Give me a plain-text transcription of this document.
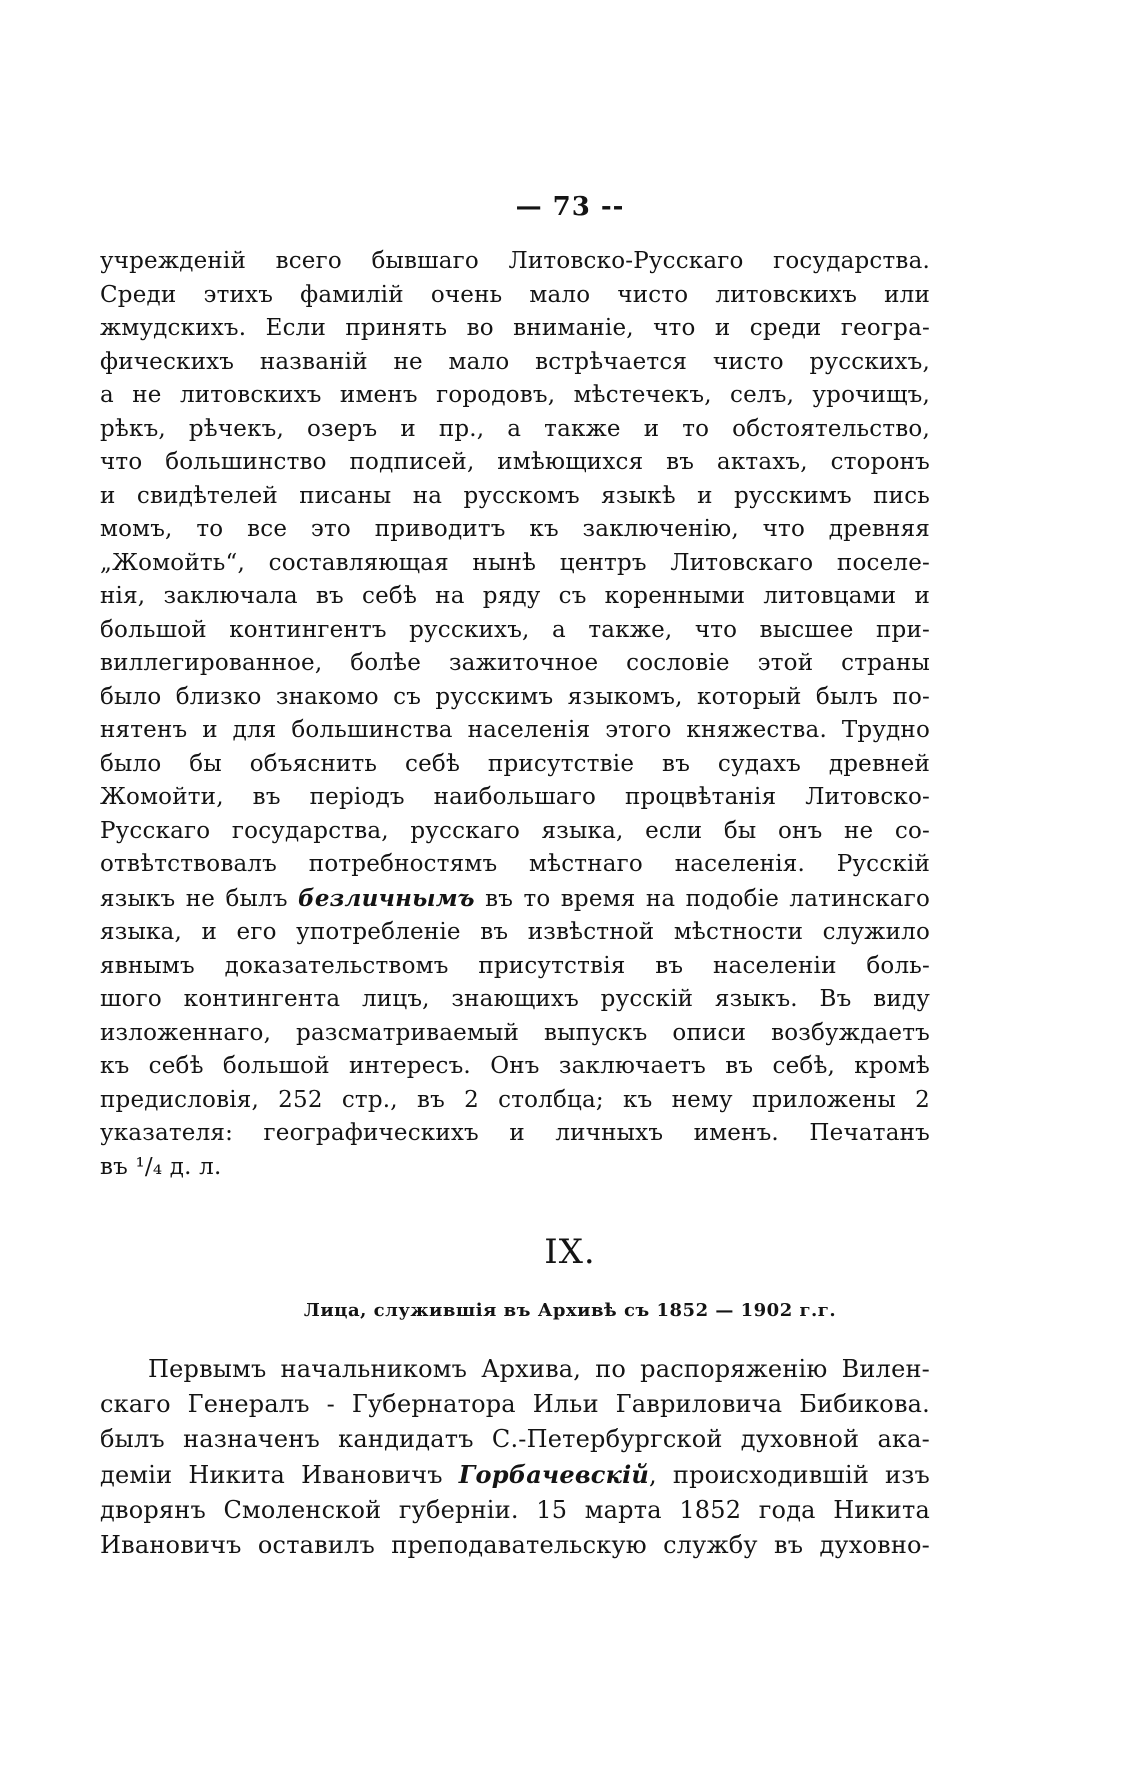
— 73 --
учрежденій всего бывшаго Литовско-Русскаго государства.
Среди этихъ фамилій очень мало чисто литовскихъ или
жмудскихъ. Если принять во вниманіе, что и среди геогра-
фическихъ названій не мало встрѣчается чисто русскихъ,
а не литовскихъ именъ городовъ, мѣстечекъ, селъ, урочищъ,
рѣкъ, рѣчекъ, озеръ и пр., а также и то обстоятельство,
что большинство подписей, имѣющихся въ актахъ, сторонъ
и свидѣтелей писаны на русскомъ языкѣ и русскимъ пись
момъ, то все это приводитъ къ заключенію, что древняя
„Жомойть“, составляющая нынѣ центръ Литовскаго поселе-
нія, заключала въ себѣ на ряду съ коренными литовцами и
большой контингентъ русскихъ, а также, что высшее при-
виллегированное, болѣе зажиточное сословіе этой страны
было близко знакомо съ русскимъ языкомъ, который былъ по-
нятенъ и для большинства населенія этого княжества. Трудно
было бы объяснить себѣ присутствіе въ судахъ древней
Жомойти, въ періодъ наибольшаго процвѣтанія Литовско-
Русскаго государства, русскаго языка, если бы онъ не со-
отвѣтствовалъ потребностямъ мѣстнаго населенія. Русскій
языкъ не былъ безличнымъ въ то время на подобіе латинскаго
языка, и его употребленіе въ извѣстной мѣстности служило
явнымъ доказательствомъ присутствія въ населеніи боль-
шого контингента лицъ, знающихъ русскій языкъ. Въ виду
изложеннаго, разсматриваемый выпускъ описи возбуждаетъ
къ себѣ большой интересъ. Онъ заключаетъ въ себѣ, кромѣ
предисловія, 252 стр., въ 2 столбца; къ нему приложены 2
указателя: географическихъ и личныхъ именъ. Печатанъ
въ ¹/₄ д. л.
IX.
Лица, служившія въ Архивѣ съ 1852 — 1902 г.г.
Первымъ начальникомъ Архива, по распоряженію Вилен-
скаго Генералъ - Губернатора Ильи Гавриловича Бибикова.
былъ назначенъ кандидатъ С.-Петербургской духовной ака-
деміи Никита Ивановичъ Горбачевскій, происходившій изъ
дворянъ Смоленской губерніи. 15 марта 1852 года Никита
Ивановичъ оставилъ преподавательскую службу въ духовно-
